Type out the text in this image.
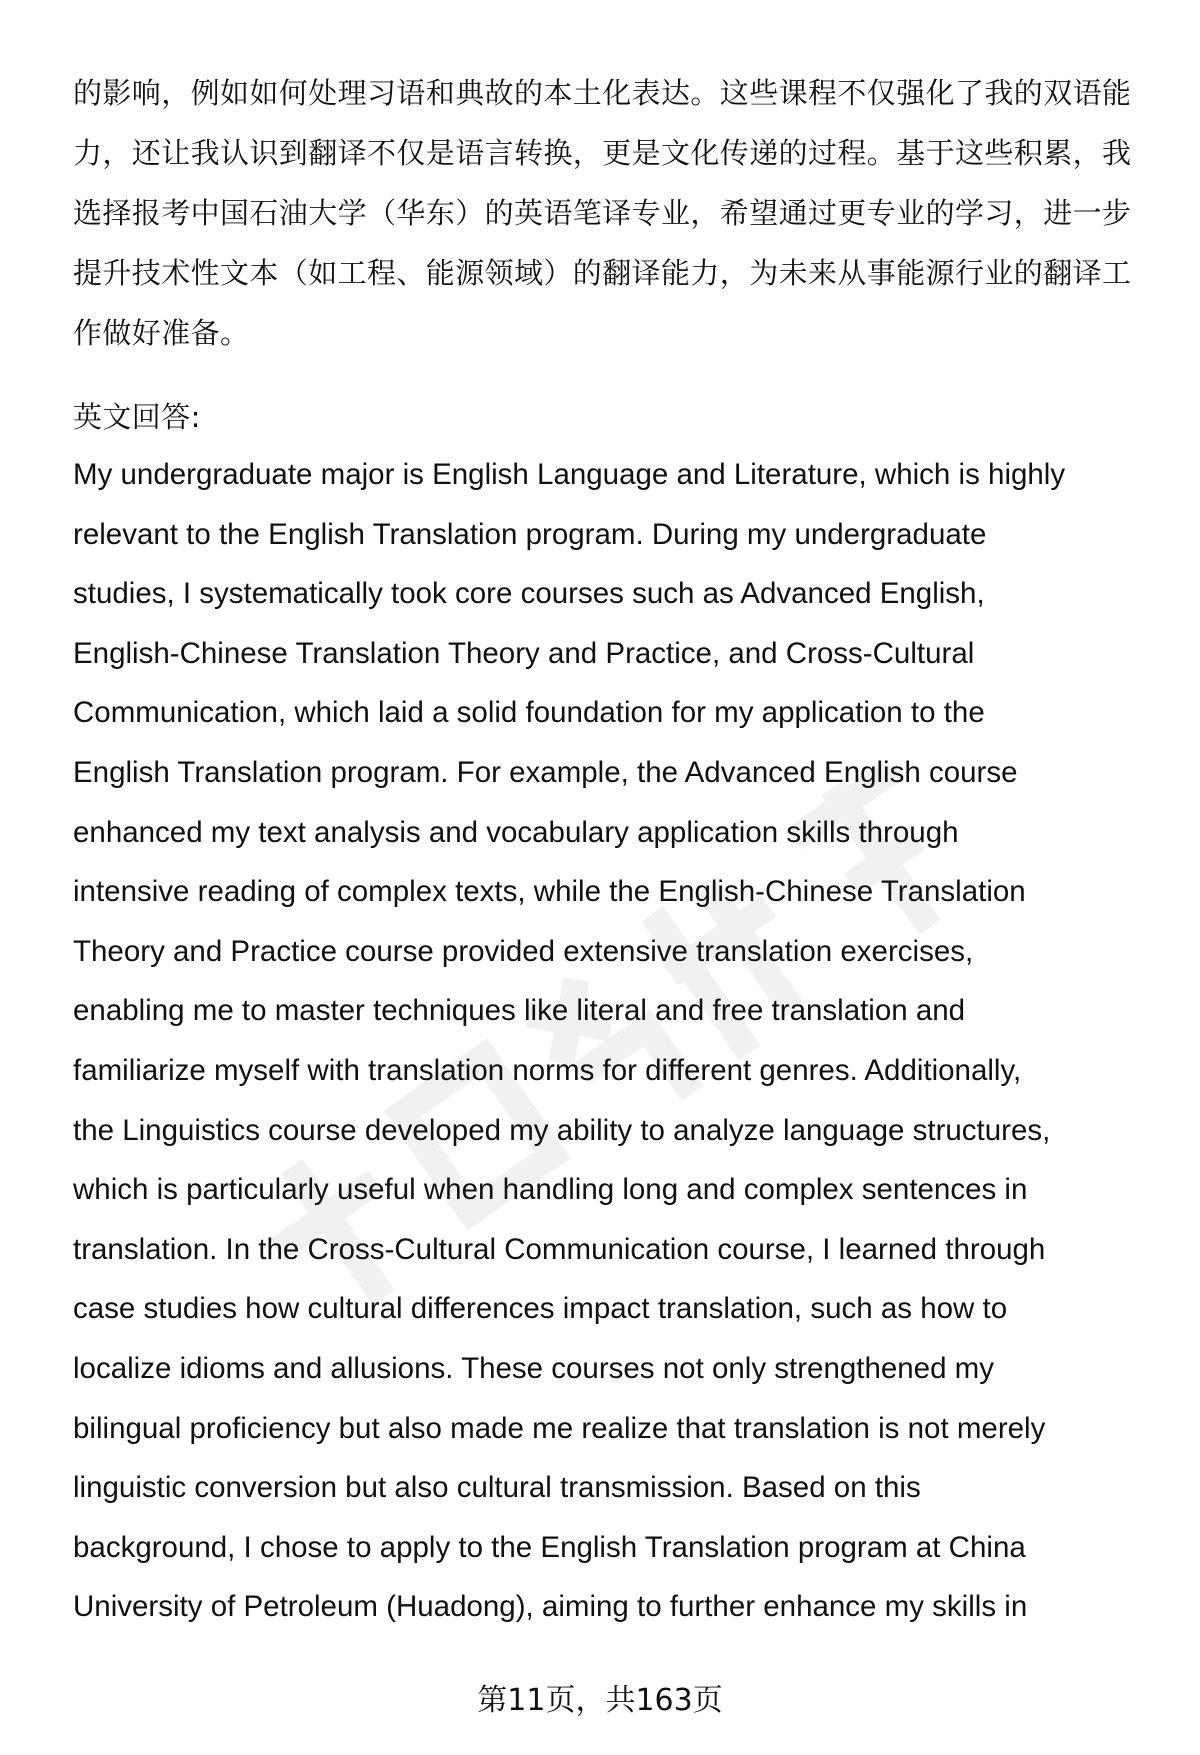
的影响，例如如何处理习语和典故的本土化表达。这些课程不仅强化了我的双语能
力，还让我认识到翻译不仅是语言转换，更是文化传递的过程。基于这些积累，我
选择报考中国石油大学（华东）的英语笔译专业，希望通过更专业的学习，进一步
提升技术性文本（如工程、能源领域）的翻译能力，为未来从事能源行业的翻译工
作做好准备。
英文回答:
My undergraduate major is English Language and Literature, which is highly
relevant to the English Translation program. During my undergraduate
studies, I systematically took core courses such as Advanced English,
English-Chinese Translation Theory and Practice, and Cross-Cultural
Communication, which laid a solid foundation for my application to the
English Translation program. For example, the Advanced English course
enhanced my text analysis and vocabulary application skills through
intensive reading of complex texts, while the English-Chinese Translation
Theory and Practice course provided extensive translation exercises,
enabling me to master techniques like literal and free translation and
familiarize myself with translation norms for different genres. Additionally,
the Linguistics course developed my ability to analyze language structures,
which is particularly useful when handling long and complex sentences in
translation. In the Cross-Cultural Communication course, I learned through
case studies how cultural differences impact translation, such as how to
localize idioms and allusions. These courses not only strengthened my
bilingual proficiency but also made me realize that translation is not merely
linguistic conversion but also cultural transmission. Based on this
background, I chose to apply to the English Translation program at China
University of Petroleum (Huadong), aiming to further enhance my skills in
第11页，共163页
